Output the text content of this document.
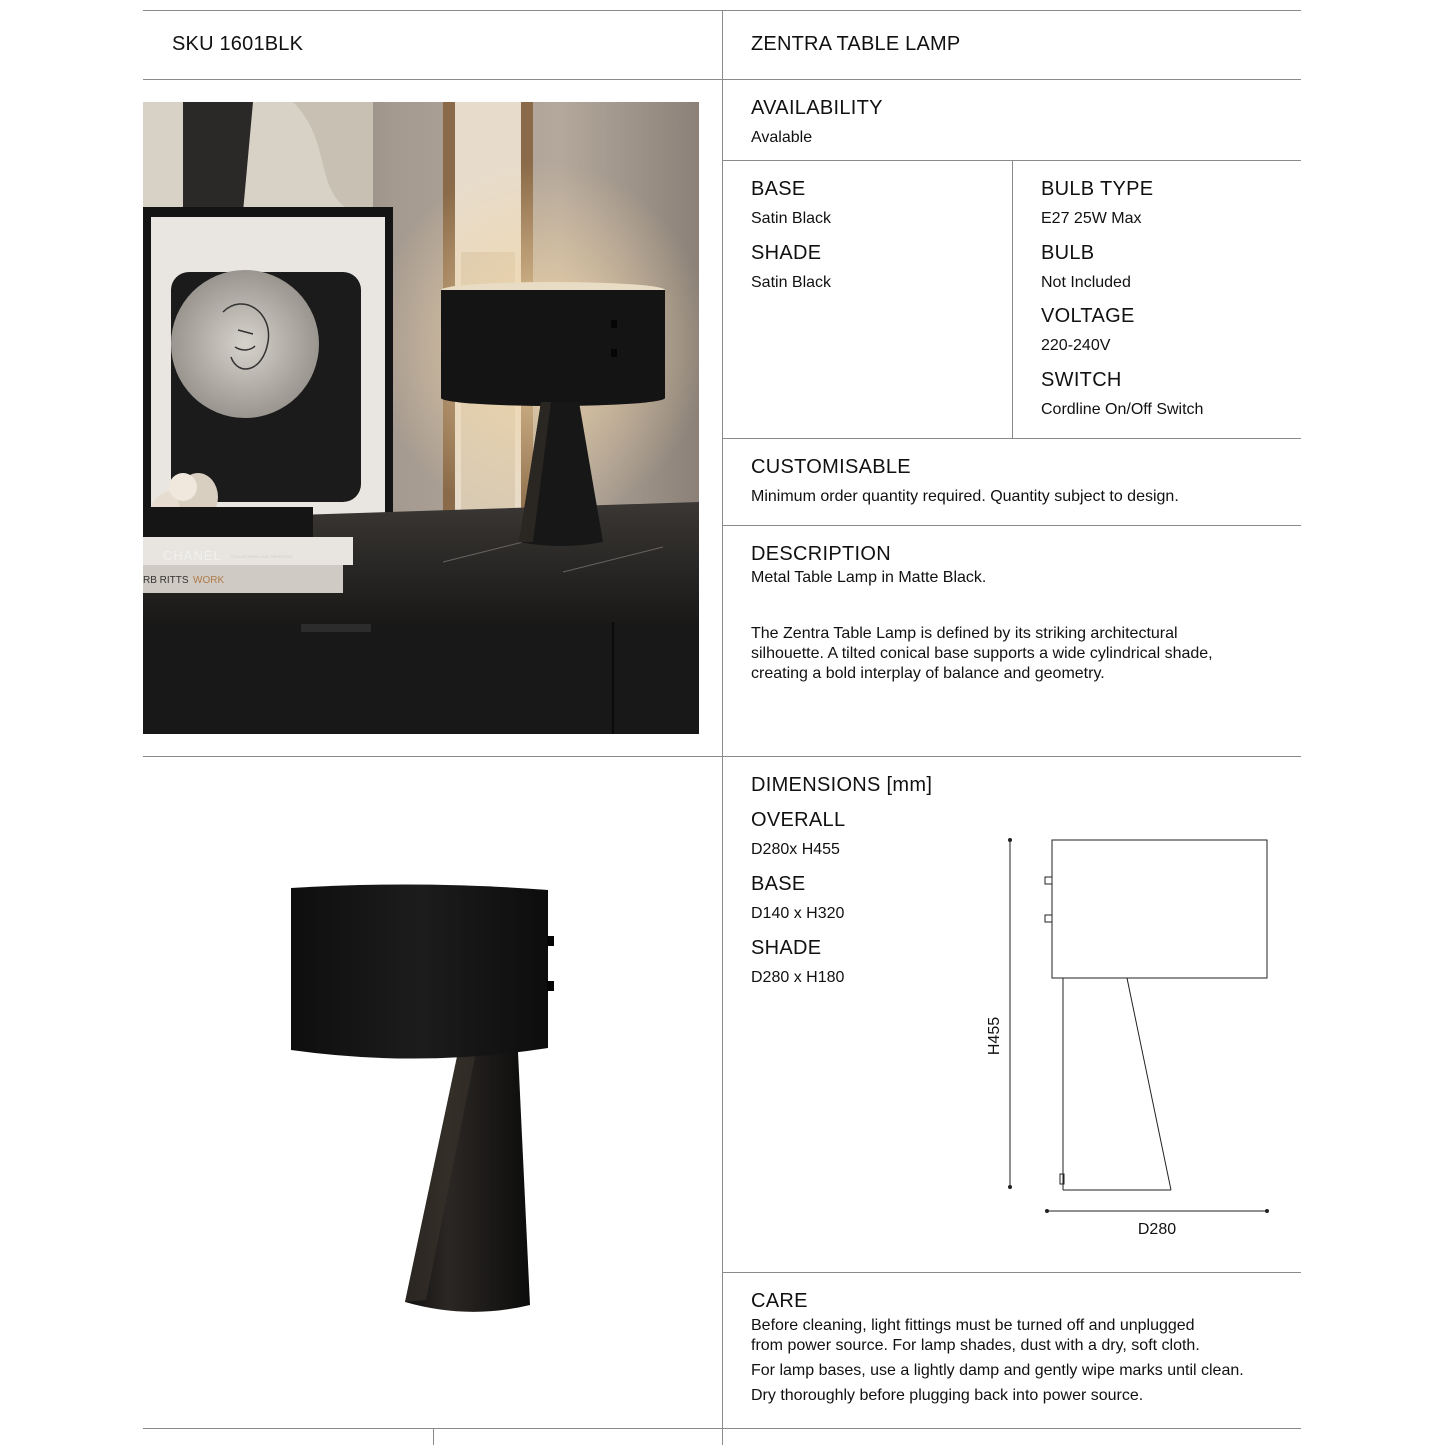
SKU 1601BLK	ZENTRA TABLE LAMP
AVAILABILITY
Avalable
BASE
Satin Black
SHADE
Satin Black
BULB TYPE
E27 25W Max
BULB
Not Included
VOLTAGE
220-240V
SWITCH
Cordline On/Off Switch
CUSTOMISABLE
Minimum order quantity required. Quantity subject to design.
DESCRIPTION
Metal Table Lamp in Matte Black.
The Zentra Table Lamp is defined by its striking architectural
silhouette. A tilted conical base supports a wide cylindrical shade,
creating a bold interplay of balance and geometry.
DIMENSIONS [mm]
OVERALL
D280x H455
BASE
D140 x H320
SHADE
D280 x H180
CARE
Before cleaning, light fittings must be turned off and unplugged
from power source. For lamp shades, dust with a dry, soft cloth.
For lamp bases, use a lightly damp and gently wipe marks until clean.
Dry thoroughly before plugging back into power source.
CHANEL COLLECTIONS AND CREATIONS
RB RITTS WORK
H455
D280
